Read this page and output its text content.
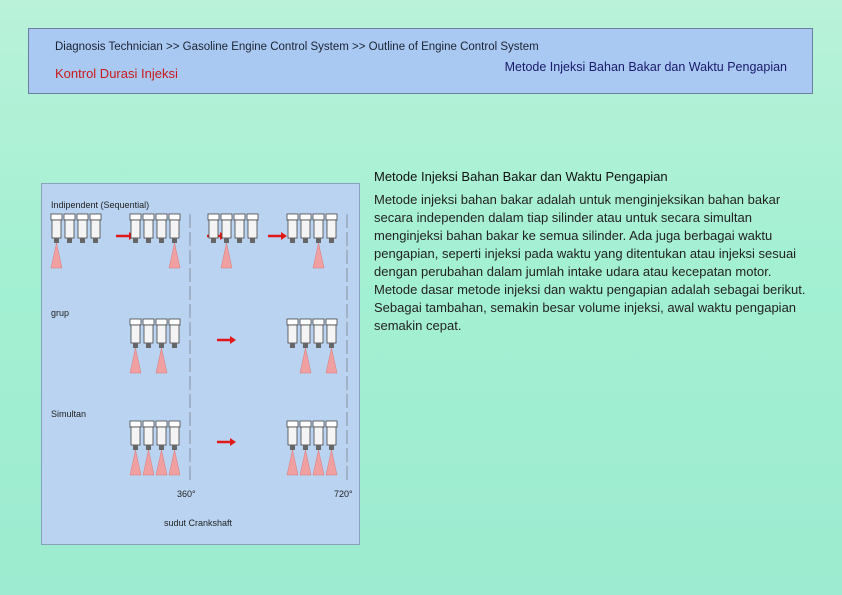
Diagnosis Technician >> Gasoline Engine Control System >> Outline of Engine Control System
Kontrol Durasi Injeksi	Metode Injeksi Bahan Bakar dan Waktu Pengapian
Indipendent (Sequential)
grup
Simultan
360°	720°
sudut Crankshaft
Metode Injeksi Bahan Bakar dan Waktu Pengapian
Metode injeksi bahan bakar adalah untuk menginjeksikan bahan bakar secara independen dalam tiap silinder atau untuk secara simultan menginjeksi bahan bakar ke semua silinder. Ada juga berbagai waktu pengapian, seperti injeksi pada waktu yang ditentukan atau injeksi sesuai dengan perubahan dalam jumlah intake udara atau kecepatan motor. Metode dasar metode injeksi dan waktu pengapian adalah sebagai berikut. Sebagai tambahan, semakin besar volume injeksi, awal waktu pengapian semakin cepat.
